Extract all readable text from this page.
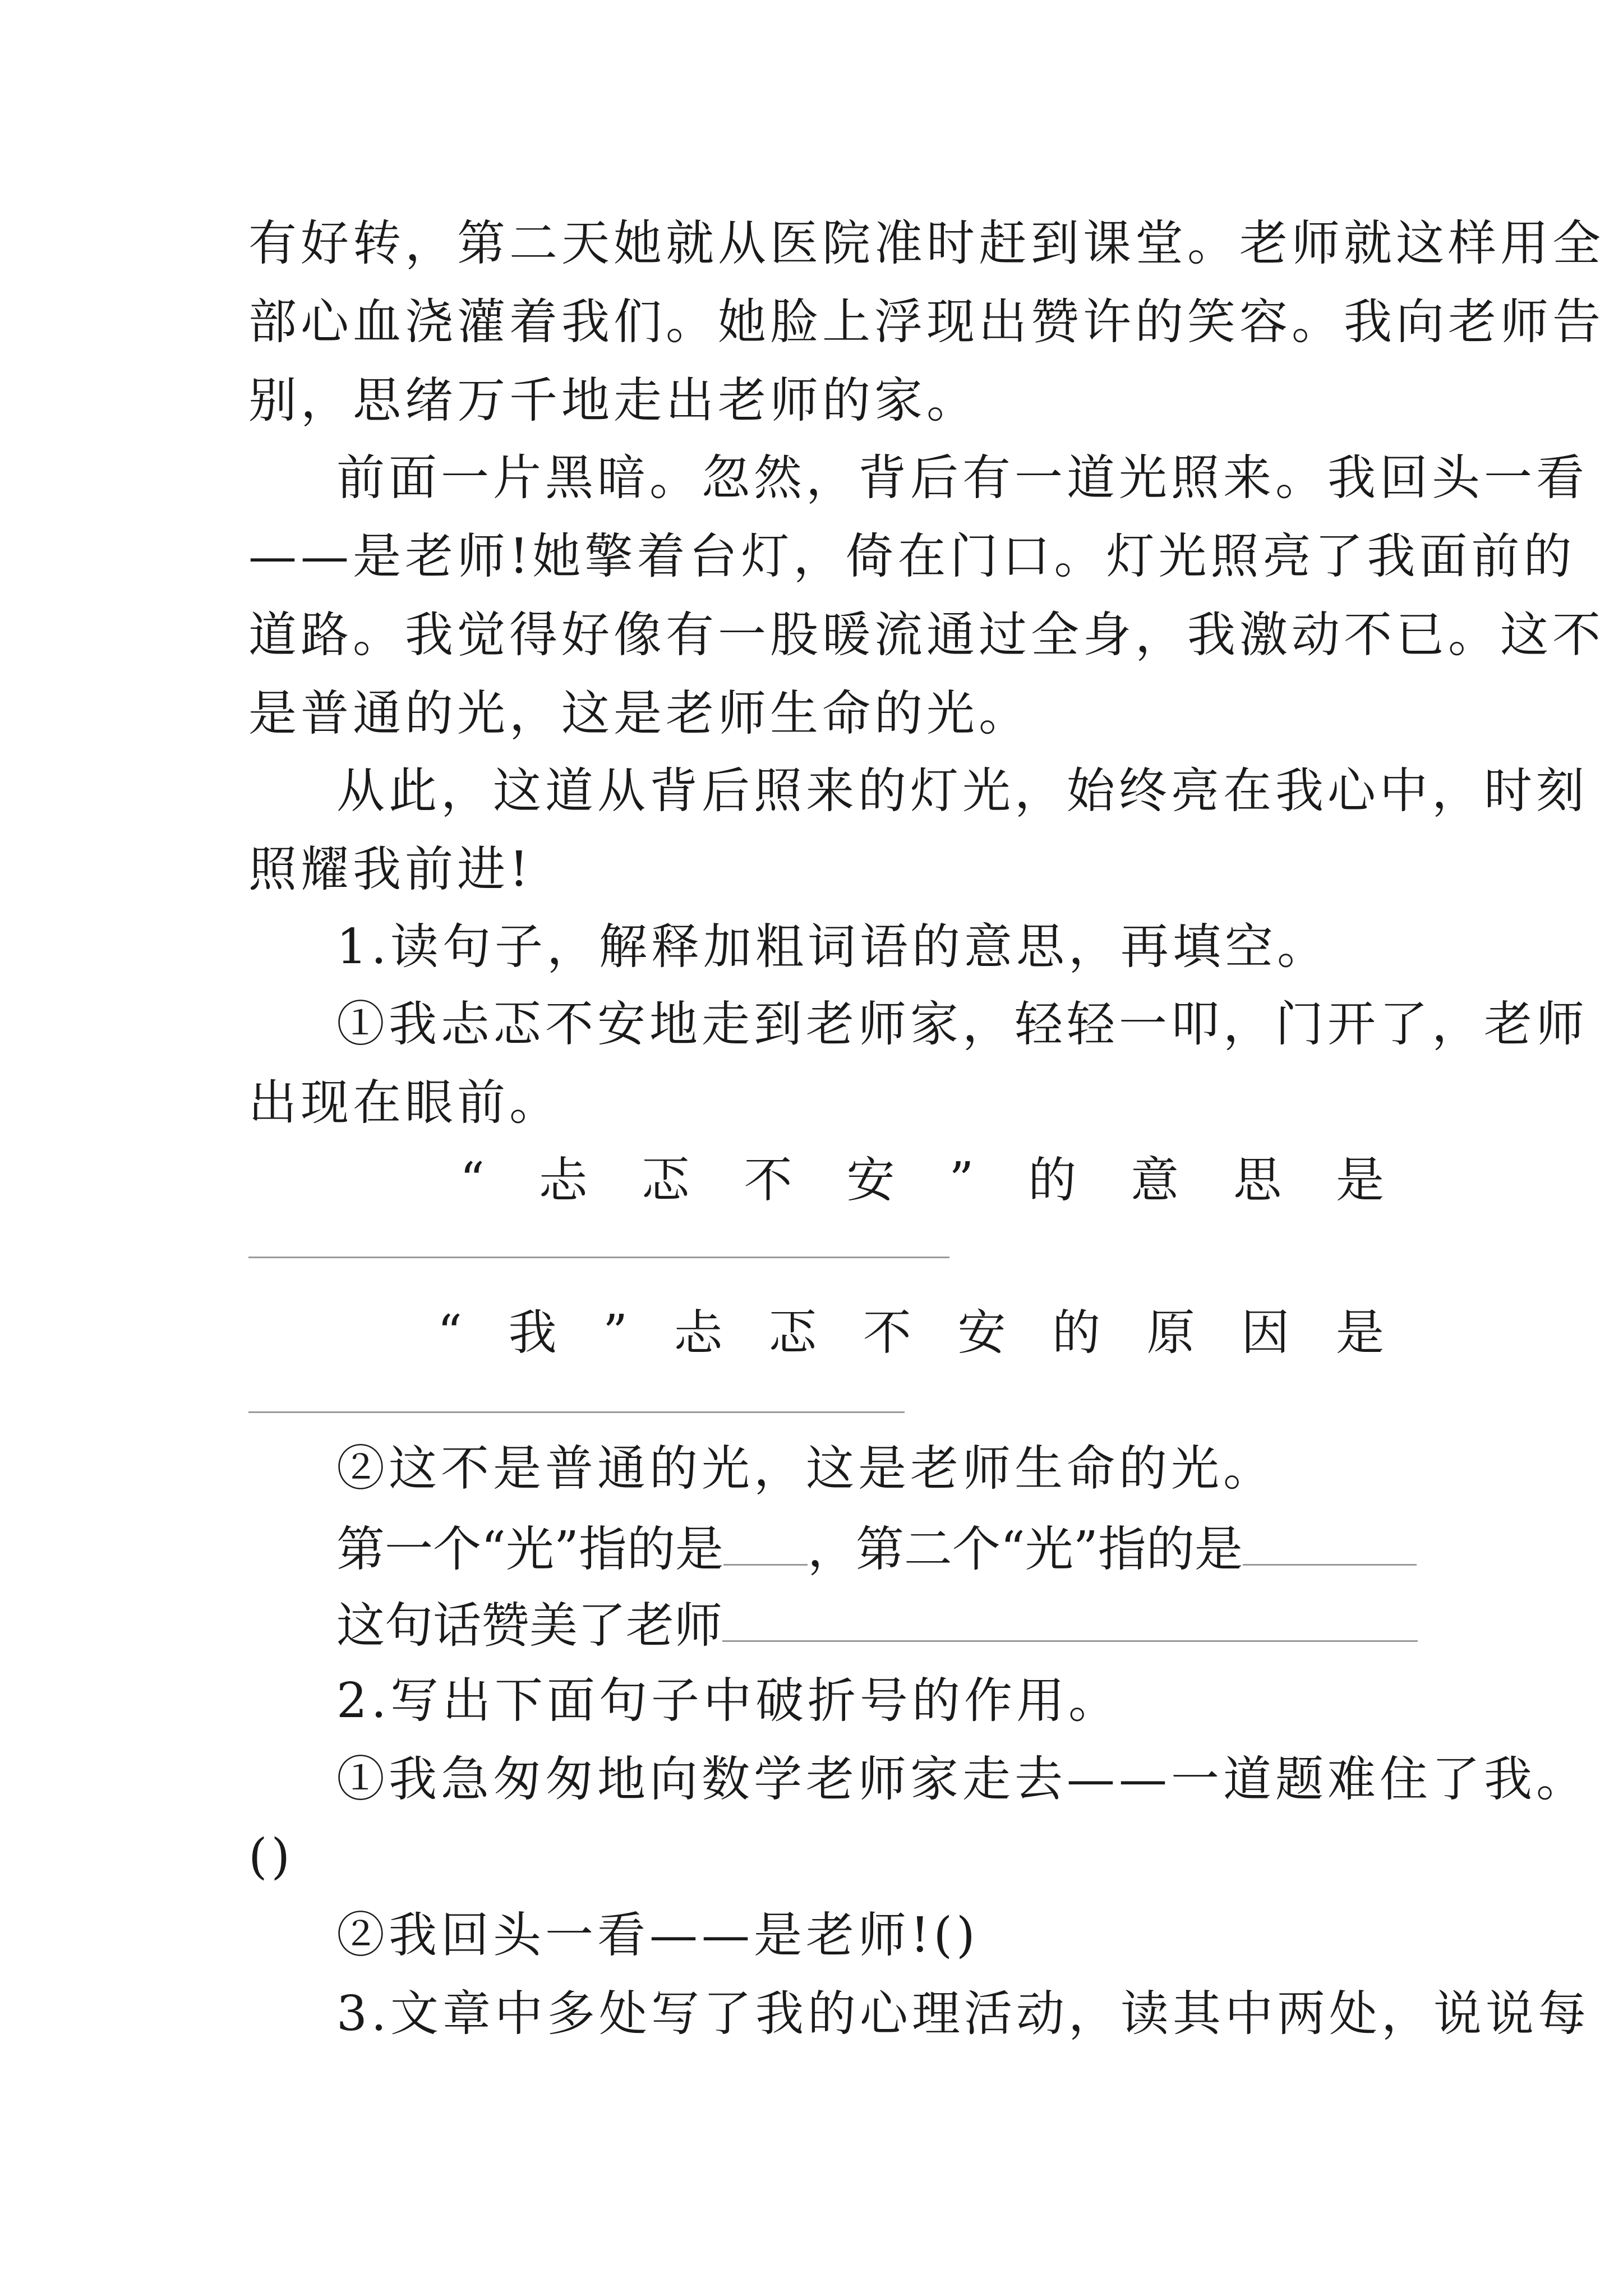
有好转，第二天她就从医院准时赶到课堂。老师就这样用全
部心血浇灌着我们。她脸上浮现出赞许的笑容。我向老师告
别，思绪万千地走出老师的家。
前面一片黑暗。忽然，背后有一道光照来。我回头一看
——是老师!她擎着台灯，倚在门口。灯光照亮了我面前的
道路。我觉得好像有一股暖流通过全身，我激动不已。这不
是普通的光，这是老师生命的光。
从此，这道从背后照来的灯光，始终亮在我心中，时刻
照耀我前进!
1.读句子，解释加粗词语的意思，再填空。
①我忐忑不安地走到老师家，轻轻一叩，门开了，老师
出现在眼前。
“ 忐 忑 不 安 ” 的 意 思 是
“ 我 ” 忐 忑 不 安 的 原 因 是
②这不是普通的光，这是老师生命的光。
第一个“光”指的是 ，第二个“光”指的是
这句话赞美了老师
2.写出下面句子中破折号的作用。
①我急匆匆地向数学老师家走去——一道题难住了我。
()
②我回头一看——是老师!()
3.文章中多处写了我的心理活动，读其中两处，说说每
